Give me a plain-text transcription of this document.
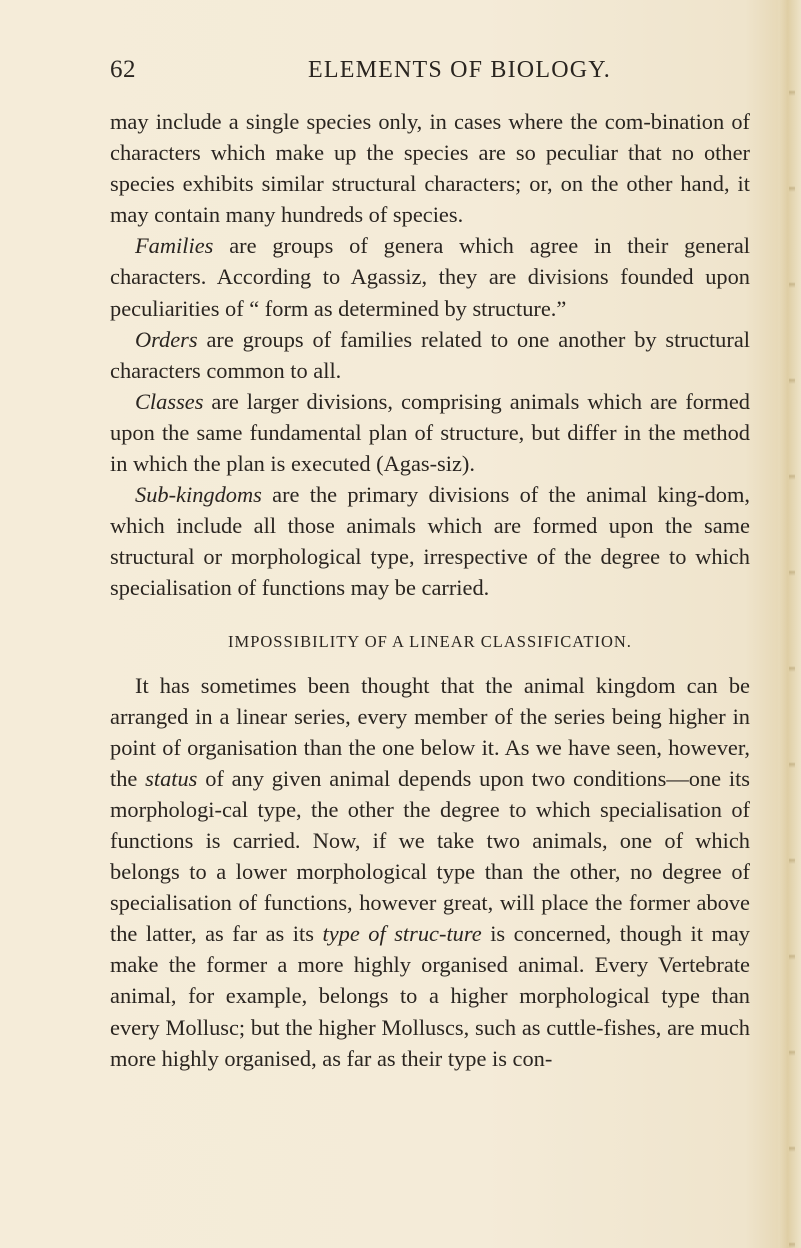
62	ELEMENTS OF BIOLOGY.

may include a single species only, in cases where the com-bination of characters which make up the species are so peculiar that no other species exhibits similar structural characters; or, on the other hand, it may contain many hundreds of species.

Families are groups of genera which agree in their general characters. According to Agassiz, they are divisions founded upon peculiarities of “ form as determined by structure.”

Orders are groups of families related to one another by structural characters common to all.

Classes are larger divisions, comprising animals which are formed upon the same fundamental plan of structure, but differ in the method in which the plan is executed (Agas-siz).

Sub-kingdoms are the primary divisions of the animal king-dom, which include all those animals which are formed upon the same structural or morphological type, irrespective of the degree to which specialisation of functions may be carried.

IMPOSSIBILITY OF A LINEAR CLASSIFICATION.

It has sometimes been thought that the animal kingdom can be arranged in a linear series, every member of the series being higher in point of organisation than the one below it. As we have seen, however, the status of any given animal depends upon two conditions—one its morphologi-cal type, the other the degree to which specialisation of functions is carried. Now, if we take two animals, one of which belongs to a lower morphological type than the other, no degree of specialisation of functions, however great, will place the former above the latter, as far as its type of struc-ture is concerned, though it may make the former a more highly organised animal. Every Vertebrate animal, for example, belongs to a higher morphological type than every Mollusc; but the higher Molluscs, such as cuttle-fishes, are much more highly organised, as far as their type is con-
